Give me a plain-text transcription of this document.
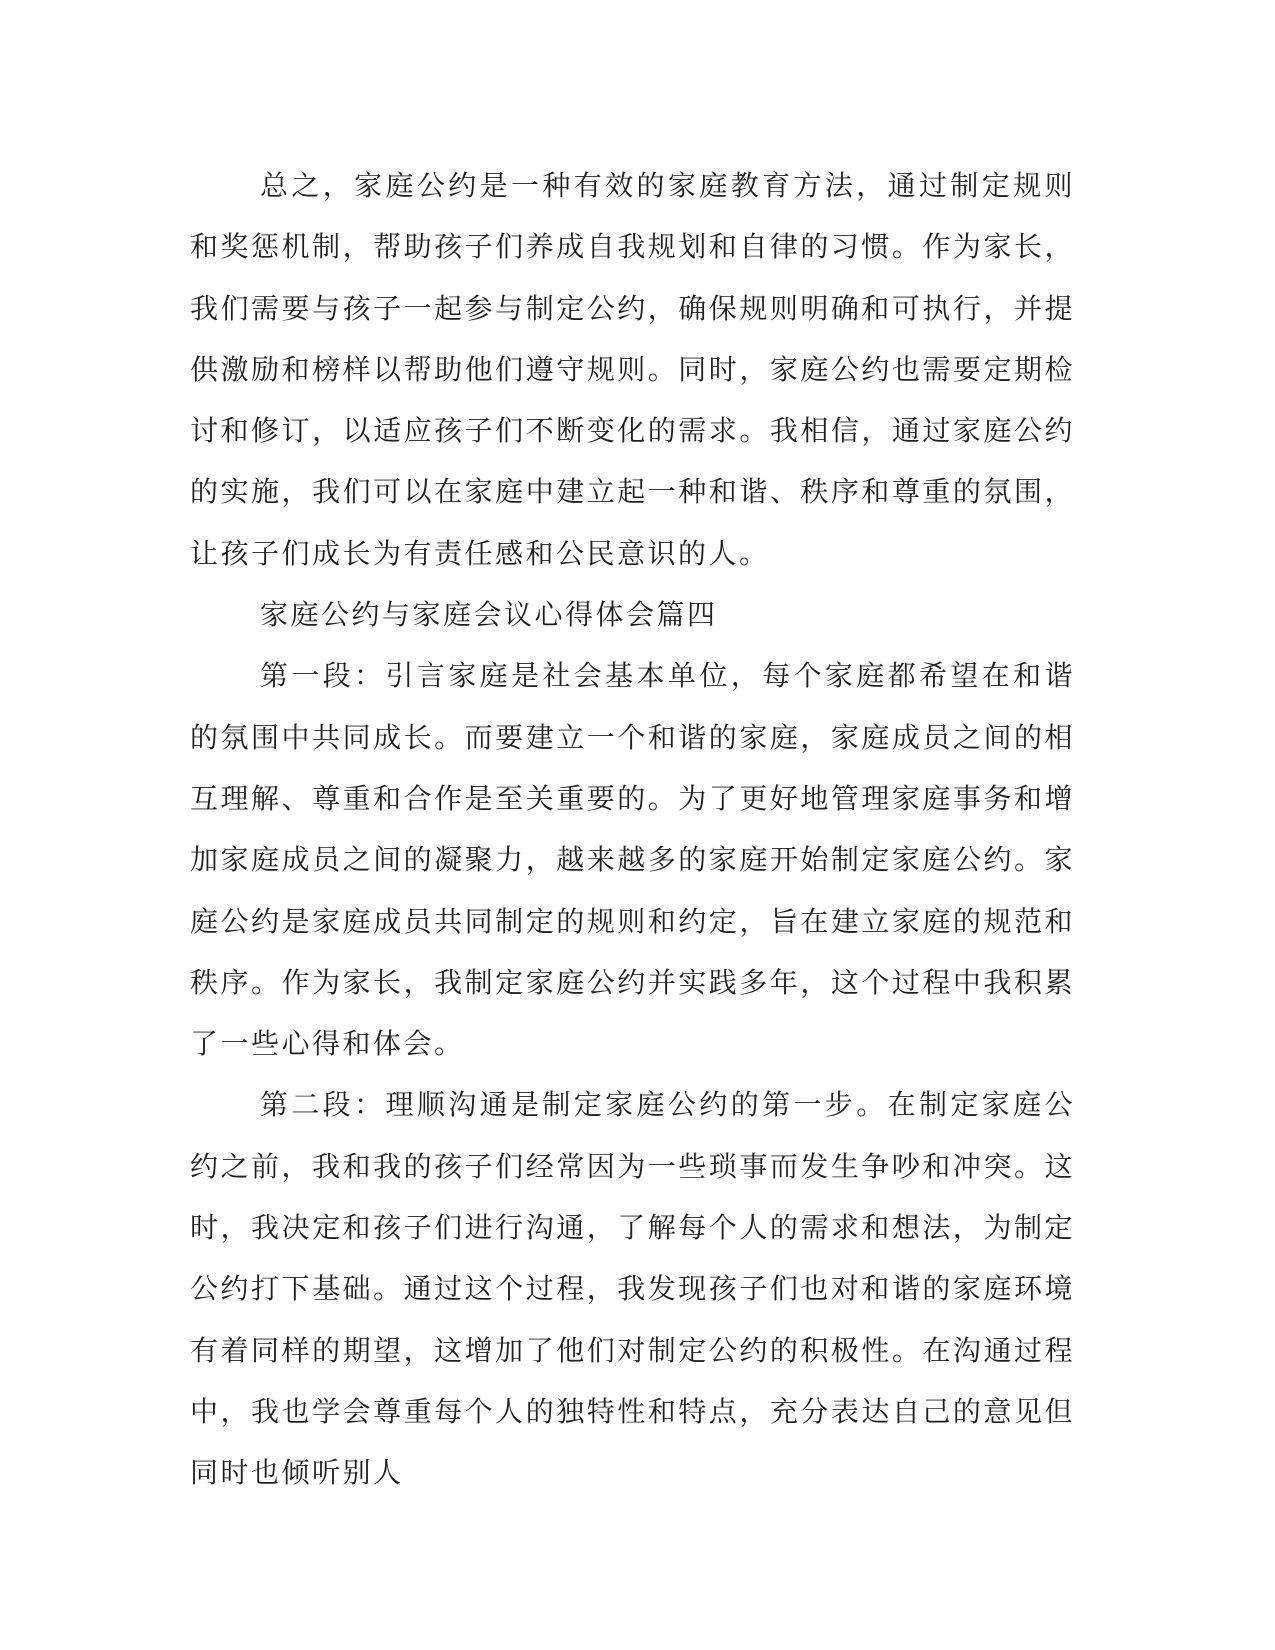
总之，家庭公约是一种有效的家庭教育方法，通过制定规则和奖惩机制，帮助孩子们养成自我规划和自律的习惯。作为家长，我们需要与孩子一起参与制定公约，确保规则明确和可执行，并提供激励和榜样以帮助他们遵守规则。同时，家庭公约也需要定期检讨和修订，以适应孩子们不断变化的需求。我相信，通过家庭公约的实施，我们可以在家庭中建立起一种和谐、秩序和尊重的氛围，让孩子们成长为有责任感和公民意识的人。

家庭公约与家庭会议心得体会篇四

第一段：引言家庭是社会基本单位，每个家庭都希望在和谐的氛围中共同成长。而要建立一个和谐的家庭，家庭成员之间的相互理解、尊重和合作是至关重要的。为了更好地管理家庭事务和增加家庭成员之间的凝聚力，越来越多的家庭开始制定家庭公约。家庭公约是家庭成员共同制定的规则和约定，旨在建立家庭的规范和秩序。作为家长，我制定家庭公约并实践多年，这个过程中我积累了一些心得和体会。

第二段：理顺沟通是制定家庭公约的第一步。在制定家庭公约之前，我和我的孩子们经常因为一些琐事而发生争吵和冲突。这时，我决定和孩子们进行沟通，了解每个人的需求和想法，为制定公约打下基础。通过这个过程，我发现孩子们也对和谐的家庭环境有着同样的期望，这增加了他们对制定公约的积极性。在沟通过程中，我也学会尊重每个人的独特性和特点，充分表达自己的意见但同时也倾听别人
